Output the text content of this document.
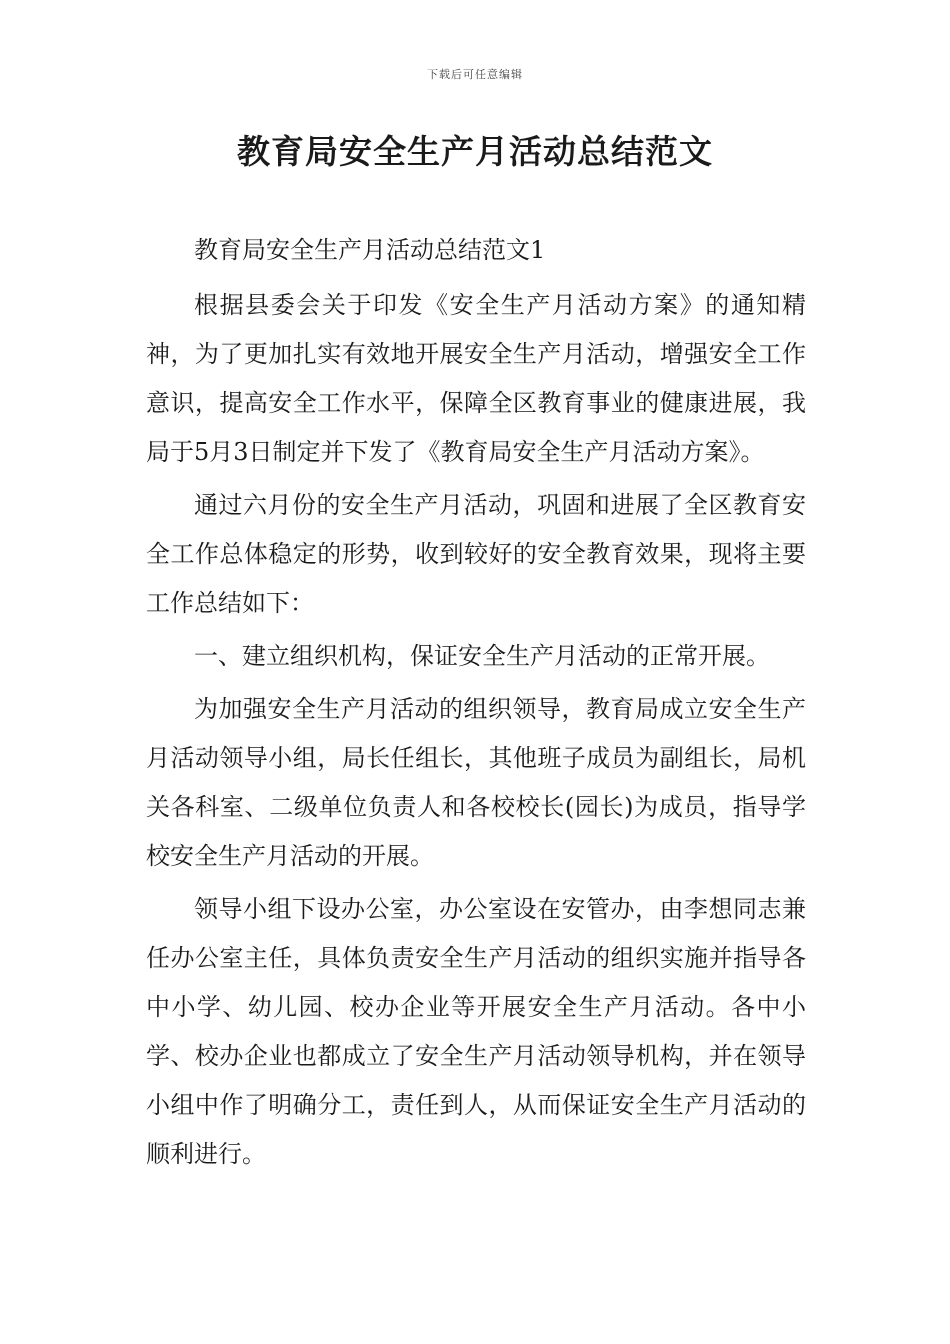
下载后可任意编辑
教育局安全生产月活动总结范文

教育局安全生产月活动总结范文1

根据县委会关于印发《安全生产月活动方案》的通知精神，为了更加扎实有效地开展安全生产月活动，增强安全工作意识，提高安全工作水平，保障全区教育事业的健康进展，我局于5月3日制定并下发了《教育局安全生产月活动方案》。

通过六月份的安全生产月活动，巩固和进展了全区教育安全工作总体稳定的形势，收到较好的安全教育效果，现将主要工作总结如下：

一、建立组织机构，保证安全生产月活动的正常开展。

为加强安全生产月活动的组织领导，教育局成立安全生产月活动领导小组，局长任组长，其他班子成员为副组长，局机关各科室、二级单位负责人和各校校长(园长)为成员，指导学校安全生产月活动的开展。

领导小组下设办公室，办公室设在安管办，由李想同志兼任办公室主任，具体负责安全生产月活动的组织实施并指导各中小学、幼儿园、校办企业等开展安全生产月活动。各中小学、校办企业也都成立了安全生产月活动领导机构，并在领导小组中作了明确分工，责任到人，从而保证安全生产月活动的顺利进行。
